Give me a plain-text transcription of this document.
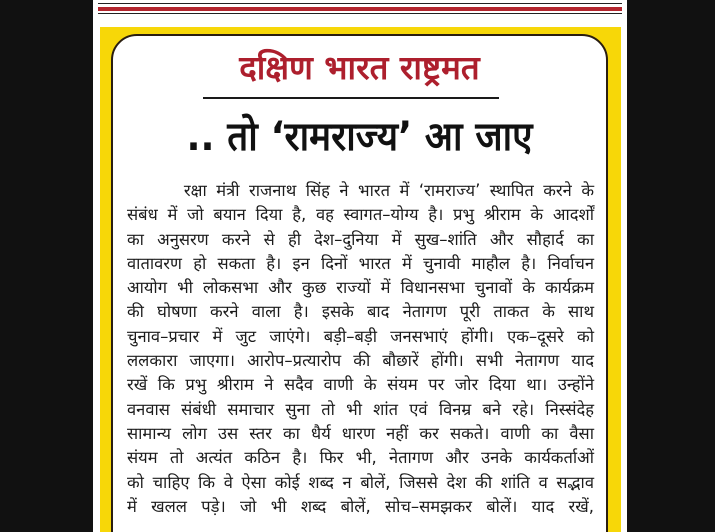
दक्षिण भारत राष्ट्रमत
.. तो ‘रामराज्य’ आ जाए
रक्षा मंत्री राजनाथ सिंह ने भारत में ‘रामराज्य’ स्थापित करने के
संबंध में जो बयान दिया है, वह स्वागत–योग्य है। प्रभु श्रीराम के आदर्शों
का अनुसरण करने से ही देश–दुनिया में सुख–शांति और सौहार्द का
वातावरण हो सकता है। इन दिनों भारत में चुनावी माहौल है। निर्वाचन
आयोग भी लोकसभा और कुछ राज्यों में विधानसभा चुनावों के कार्यक्रम
की घोषणा करने वाला है। इसके बाद नेतागण पूरी ताकत के साथ
चुनाव–प्रचार में जुट जाएंगे। बड़ी–बड़ी जनसभाएं होंगी। एक–दूसरे को
ललकारा जाएगा। आरोप–प्रत्यारोप की बौछारें होंगी। सभी नेतागण याद
रखें कि प्रभु श्रीराम ने सदैव वाणी के संयम पर जोर दिया था। उन्होंने
वनवास संबंधी समाचार सुना तो भी शांत एवं विनम्र बने रहे। निस्संदेह
सामान्य लोग उस स्तर का धैर्य धारण नहीं कर सकते। वाणी का वैसा
संयम तो अत्यंत कठिन है। फिर भी, नेतागण और उनके कार्यकर्ताओं
को चाहिए कि वे ऐसा कोई शब्द न बोलें, जिससे देश की शांति व सद्भाव
में खलल पड़े। जो भी शब्द बोलें, सोच–समझकर बोलें। याद रखें,
